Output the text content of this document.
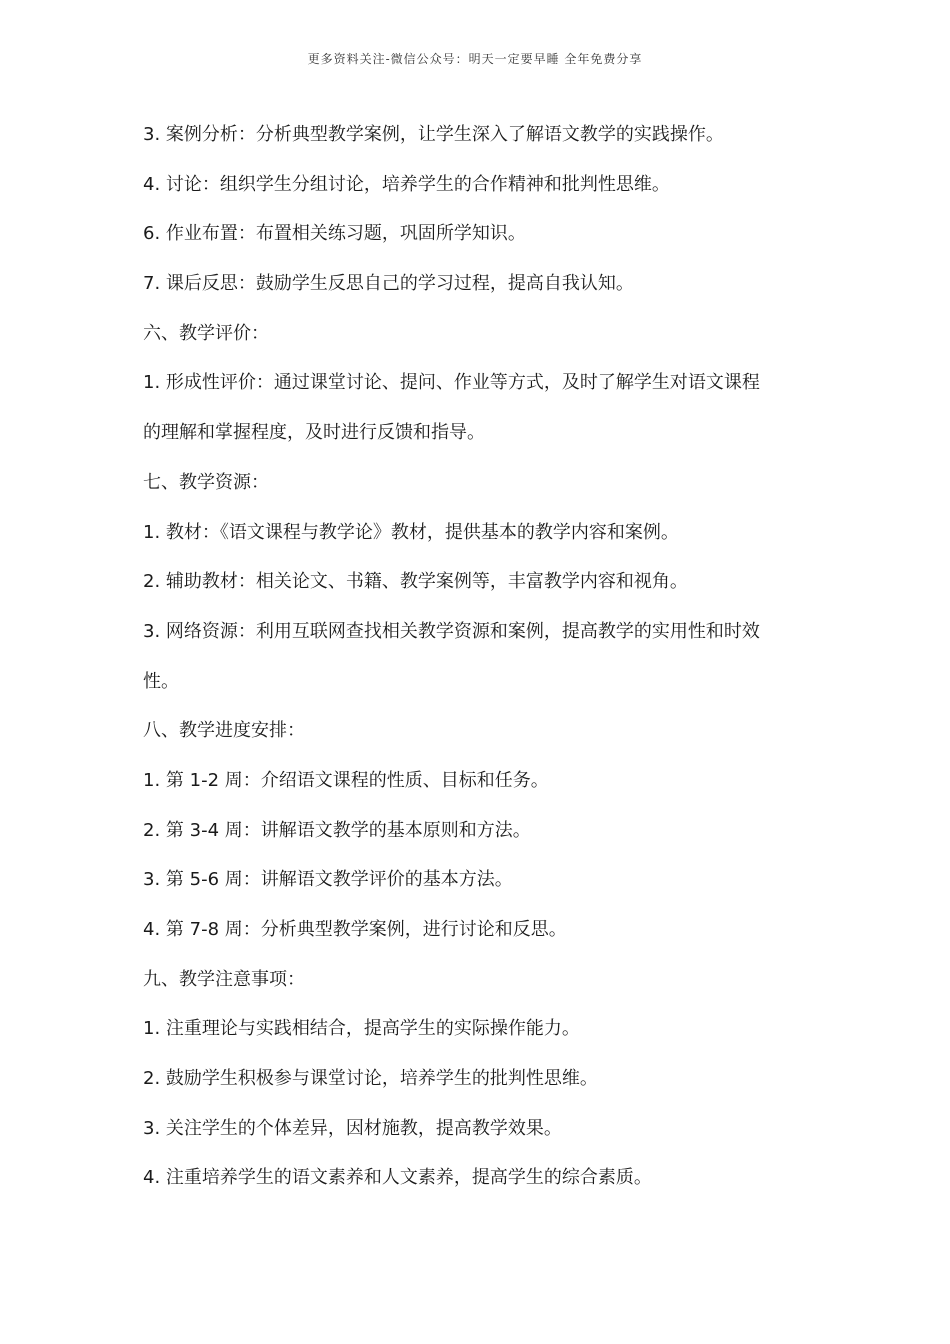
更多资料关注-微信公众号：明天一定要早睡 全年免费分享
3. 案例分析：分析典型教学案例，让学生深入了解语文教学的实践操作。
4. 讨论：组织学生分组讨论，培养学生的合作精神和批判性思维。
6. 作业布置：布置相关练习题，巩固所学知识。
7. 课后反思：鼓励学生反思自己的学习过程，提高自我认知。
六、教学评价：
1. 形成性评价：通过课堂讨论、提问、作业等方式，及时了解学生对语文课程
的理解和掌握程度，及时进行反馈和指导。
七、教学资源：
1. 教材：《语文课程与教学论》教材，提供基本的教学内容和案例。
2. 辅助教材：相关论文、书籍、教学案例等，丰富教学内容和视角。
3. 网络资源：利用互联网查找相关教学资源和案例，提高教学的实用性和时效
性。
八、教学进度安排：
1. 第 1-2 周：介绍语文课程的性质、目标和任务。
2. 第 3-4 周：讲解语文教学的基本原则和方法。
3. 第 5-6 周：讲解语文教学评价的基本方法。
4. 第 7-8 周：分析典型教学案例，进行讨论和反思。
九、教学注意事项：
1. 注重理论与实践相结合，提高学生的实际操作能力。
2. 鼓励学生积极参与课堂讨论，培养学生的批判性思维。
3. 关注学生的个体差异，因材施教，提高教学效果。
4. 注重培养学生的语文素养和人文素养，提高学生的综合素质。
